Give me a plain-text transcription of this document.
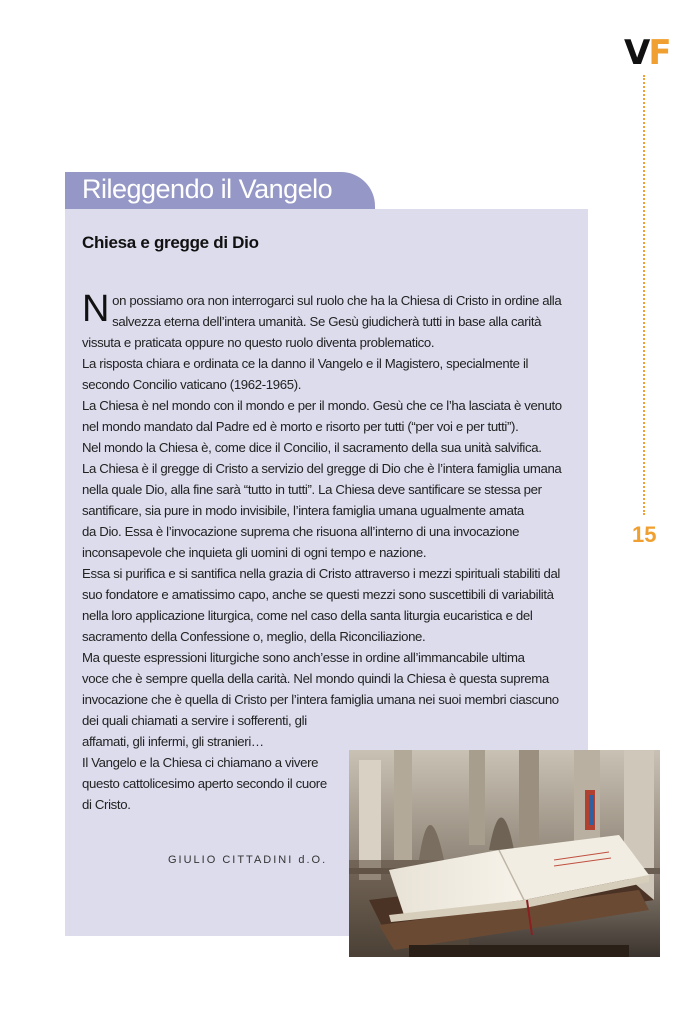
VF
15
Rileggendo il Vangelo
Chiesa e gregge di Dio
N on possiamo ora non interrogarci sul ruolo che ha la Chiesa di Cristo in ordine alla

salvezza eterna dell’intera umanità. Se Gesù giudicherà tutti in base alla carità

vissuta e praticata oppure no questo ruolo diventa problematico.

La risposta chiara e ordinata ce la danno il Vangelo e il Magistero, specialmente il

secondo Concilio vaticano (1962-1965).

La Chiesa è nel mondo con il mondo e per il mondo. Gesù che ce l’ha lasciata è venuto

nel mondo mandato dal Padre ed è morto e risorto per tutti (“per voi e per tutti”).

Nel mondo la Chiesa è, come dice il Concilio, il sacramento della sua unità salvifica.

La Chiesa è il gregge di Cristo a servizio del gregge di Dio che è l’intera famiglia umana

nella quale Dio, alla fine sarà “tutto in tutti”. La Chiesa deve santificare se stessa per

santificare, sia pure in modo invisibile, l’intera famiglia umana ugualmente amata

da Dio. Essa è l’invocazione suprema che risuona all’interno di una invocazione

inconsapevole che inquieta gli uomini di ogni tempo e nazione.

Essa si purifica e si santifica nella grazia di Cristo attraverso i mezzi spirituali stabiliti dal

suo fondatore e amatissimo capo, anche se questi mezzi sono suscettibili di variabilità

nella loro applicazione liturgica, come nel caso della santa liturgia eucaristica e del

sacramento della Confessione o, meglio, della Riconciliazione.

Ma queste espressioni liturgiche sono anch’esse in ordine all’immancabile ultima

voce che è sempre quella della carità. Nel mondo quindi la Chiesa è questa suprema

invocazione che è quella di Cristo per l’intera famiglia umana nei suoi membri ciascuno

dei quali chiamati a servire i sofferenti, gli

affamati, gli infermi, gli stranieri…

Il Vangelo e la Chiesa ci chiamano a vivere

questo cattolicesimo aperto secondo il cuore

di Cristo.

GIULIO CITTADINI d.O.
